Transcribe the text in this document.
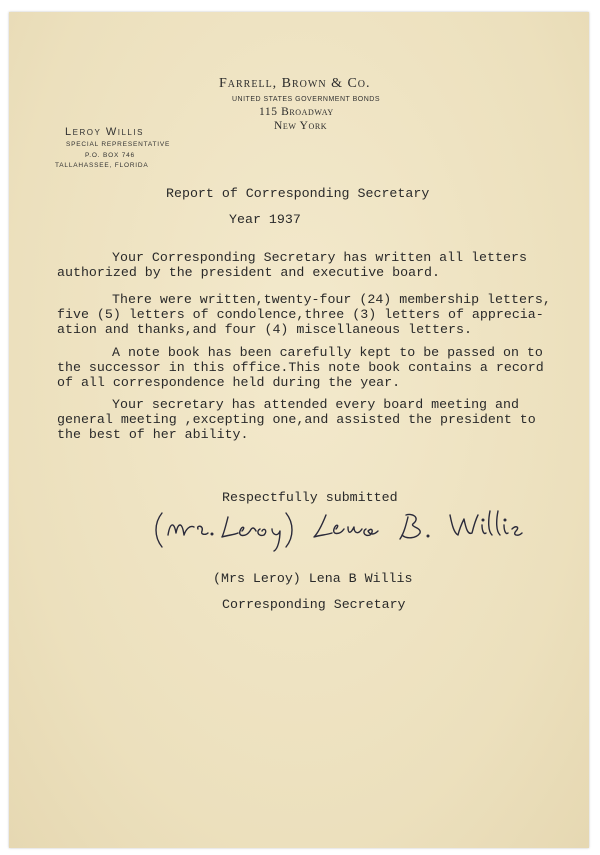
Farrell, Brown & Co.
UNITED STATES GOVERNMENT BONDS
115 Broadway
New York
Leroy Willis
SPECIAL REPRESENTATIVE
P.O. BOX 746
TALLAHASSEE, FLORIDA
Report of Corresponding Secretary
Year 1937
Your Corresponding Secretary has written all letters
authorized by the president and executive board.
There were written,twenty-four (24) membership letters,
five (5) letters of condolence,three (3) letters of apprecia-
ation and thanks,and four (4) miscellaneous letters.
A note book has been carefully kept to be passed on to
the successor in this office.This note book contains a record
of all correspondence held during the year.
Your secretary has attended every board meeting and
general meeting ,excepting one,and assisted the president to
the best of her ability.
Respectfully submitted
(Mrs Leroy) Lena B Willis
Corresponding Secretary
